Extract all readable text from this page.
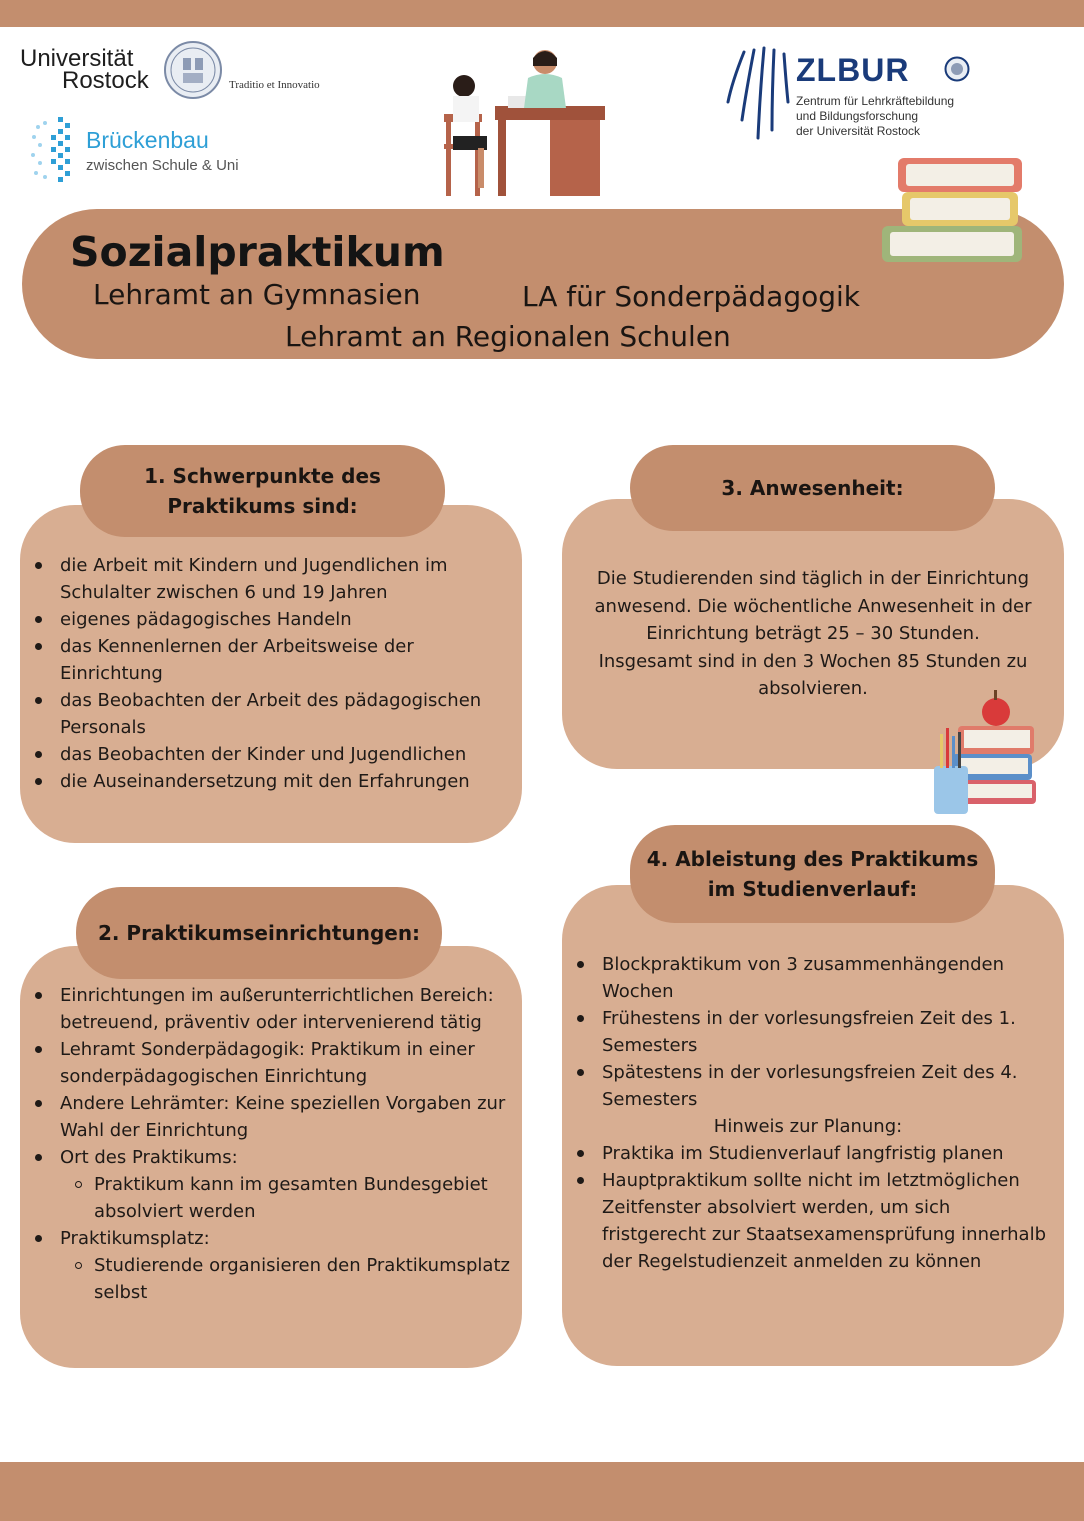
Universität
Rostock	Traditio et Innovatio
Brückenbau
zwischen Schule & Uni
ZLBUR
Zentrum für Lehrkräftebildung
und Bildungsforschung
der Universität Rostock
Sozialpraktikum
Lehramt an Gymnasien	LA für Sonderpädagogik
Lehramt an Regionalen Schulen
1. Schwerpunkte des
Praktikums sind:
die Arbeit mit Kindern und Jugendlichen im Schulalter zwischen 6 und 19 Jahren
eigenes pädagogisches Handeln
das Kennenlernen der Arbeitsweise der Einrichtung
das Beobachten der Arbeit des pädagogischen Personals
das Beobachten der Kinder und Jugendlichen
die Auseinandersetzung mit den Erfahrungen
2. Praktikumseinrichtungen:
Einrichtungen im außerunterrichtlichen Bereich: betreuend, präventiv oder intervenierend tätig
Lehramt Sonderpädagogik: Praktikum in einer sonderpädagogischen Einrichtung
Andere Lehrämter: Keine speziellen Vorgaben zur Wahl der Einrichtung
Ort des Praktikums:
Praktikum kann im gesamten Bundesgebiet absolviert werden
Praktikumsplatz:
Studierende organisieren den Praktikumsplatz selbst
3. Anwesenheit:
Die Studierenden sind täglich in der Einrichtung
anwesend. Die wöchentliche Anwesenheit in der
Einrichtung beträgt 25 – 30 Stunden.
Insgesamt sind in den 3 Wochen 85 Stunden zu
absolvieren.
4. Ableistung des Praktikums
im Studienverlauf:
Blockpraktikum von 3 zusammenhängenden Wochen
Frühestens in der vorlesungsfreien Zeit des 1. Semesters
Spätestens in der vorlesungsfreien Zeit des 4. Semesters
Hinweis zur Planung:
Praktika im Studienverlauf langfristig planen
Hauptpraktikum sollte nicht im letztmöglichen Zeitfenster absolviert werden, um sich fristgerecht zur Staatsexamensprüfung innerhalb der Regelstudienzeit anmelden zu können
